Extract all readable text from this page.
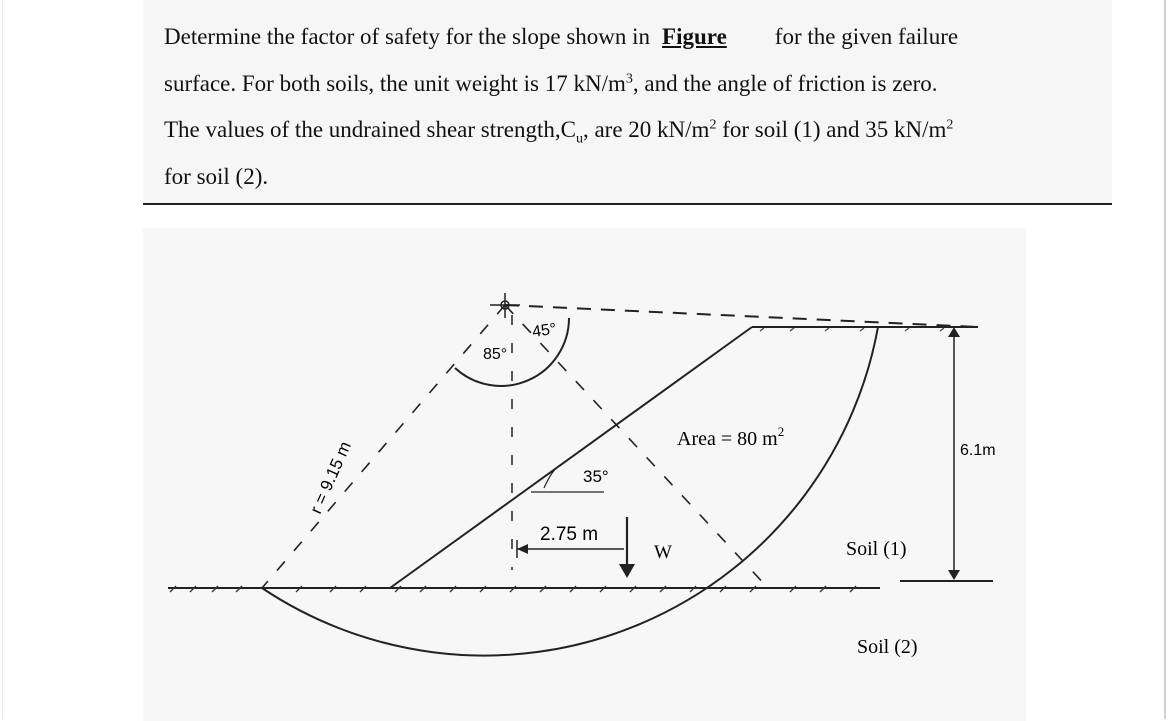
Determine the factor of safety for the slope shown in Figure for the given failure
surface. For both soils, the unit weight is 17 $kN/m^3$, and the angle of friction is zero.
The values of the undrained shear $strength,C_u$, are 20 $kN/m^2$ for soil (1) and 35 $kN/m^2$
for soil (2).
85°
45°
35°
r = 9.15 m	Area = 80 $m^2$
2.75 m
W
6.1m
Soil (1)
Soil (2)
